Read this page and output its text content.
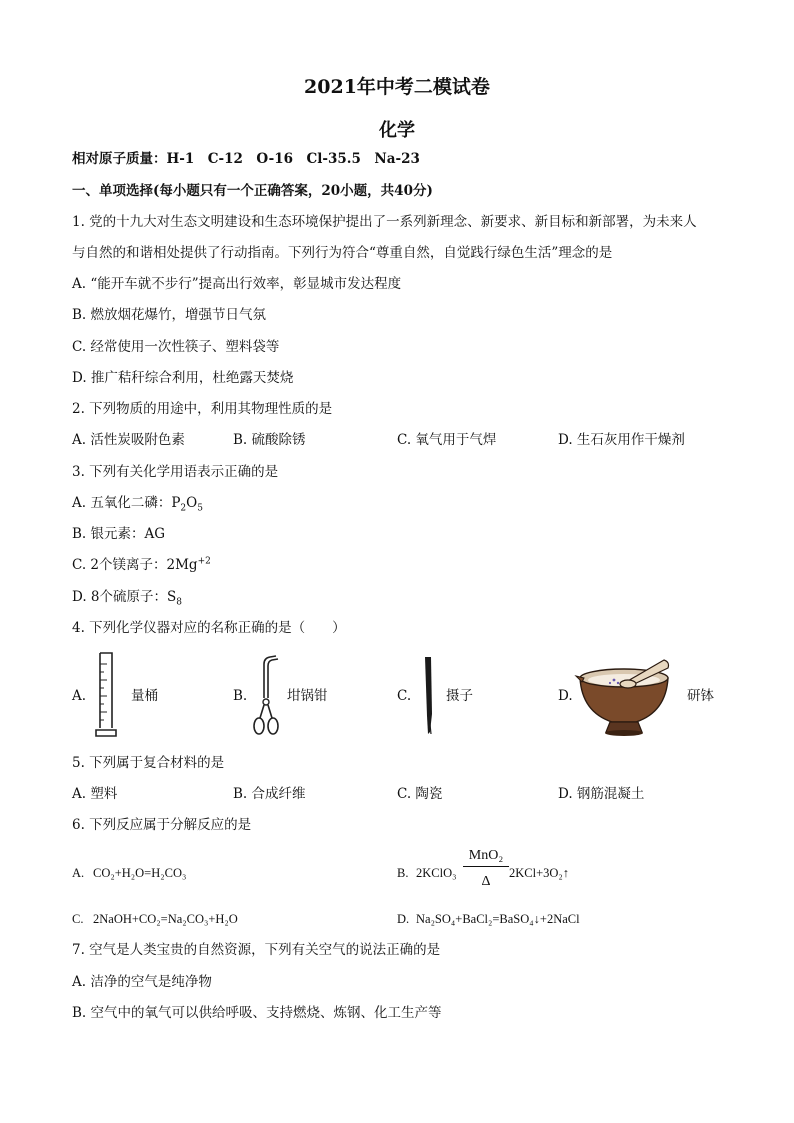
2021年中考二模试卷
化学
相对原子质量：H-1　C-12　O-16　Cl-35.5　Na-23
一、单项选择(每小题只有一个正确答案，20小题，共40分)
1. 党的十九大对生态文明建设和生态环境保护提出了一系列新理念、新要求、新目标和新部署，为未来人
与自然的和谐相处提供了行动指南。下列行为符合“尊重自然，自觉践行绿色生活”理念的是
A. “能开车就不步行”提高出行效率，彰显城市发达程度
B. 燃放烟花爆竹，增强节日气氛
C. 经常使用一次性筷子、塑料袋等
D. 推广秸秆综合利用，杜绝露天焚烧
2. 下列物质的用途中，利用其物理性质的是
A. 活性炭吸附色素	B. 硫酸除锈	C. 氧气用于气焊	D. 生石灰用作干燥剂
3. 下列有关化学用语表示正确的是
A. 五氧化二磷：$P_2O_5$
B. 银元素：AG
C. 2个镁离子：$2Mg^{+2}$
D. 8个硫原子：$S_8$
4. 下列化学仪器对应的名称正确的是（　　）
A.	量桶	B.	坩锅钳	C.	摄子	D.	研钵
5. 下列属于复合材料的是
A. 塑料	B. 合成纤维	C. 陶瓷	D. 钢筋混凝土
6. 下列反应属于分解反应的是
A. CO₂+H₂O=H₂CO₃	B. 2KClO₃
MnO₂
Δ
2KCl+3O₂↑
C. 2NaOH+CO₂=Na₂CO₃+H₂O	D. Na₂SO₄+BaCl₂=BaSO₄↓+2NaCl
7. 空气是人类宝贵的自然资源，下列有关空气的说法正确的是
A. 洁净的空气是纯净物
B. 空气中的氧气可以供给呼吸、支持燃烧、炼钢、化工生产等
